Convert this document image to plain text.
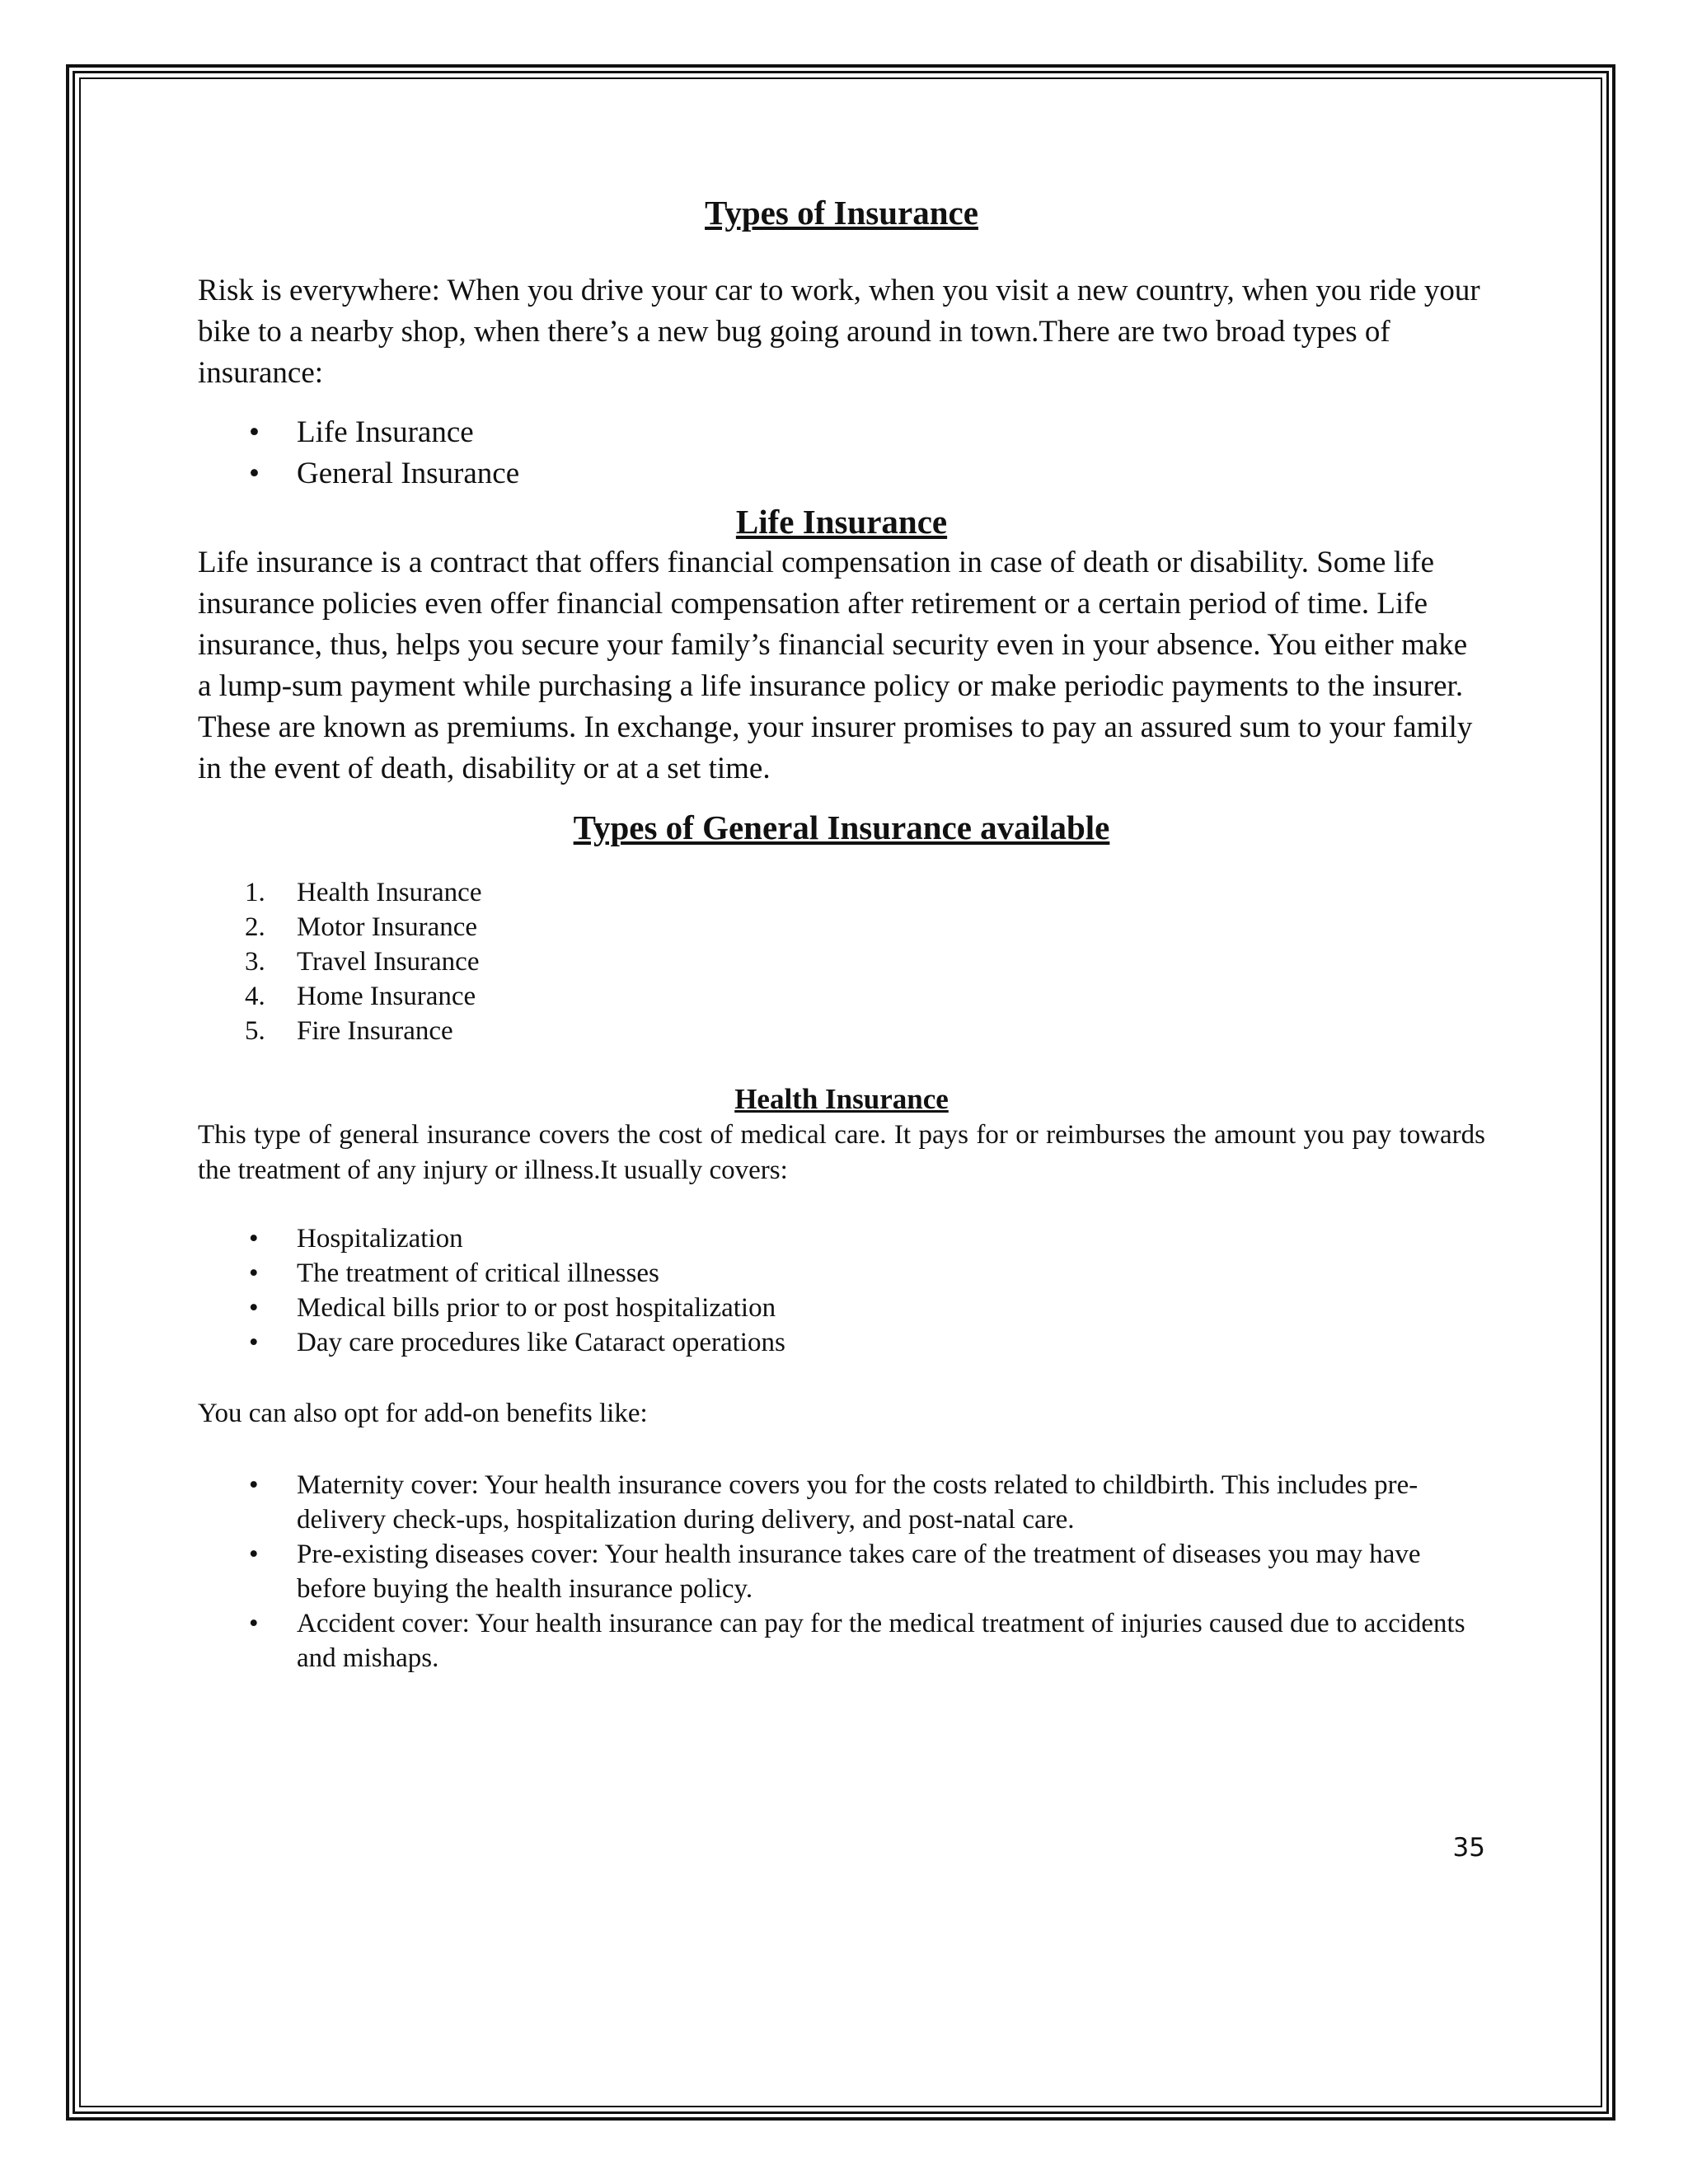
Types of Insurance

Risk is everywhere: When you drive your car to work, when you visit a new country, when you ride your bike to a nearby shop, when there’s a new bug going around in town.There are two broad types of insurance:

• Life Insurance
• General Insurance
Life Insurance

Life insurance is a contract that offers financial compensation in case of death or disability. Some life insurance policies even offer financial compensation after retirement or a certain period of time. Life insurance, thus, helps you secure your family’s financial security even in your absence. You either make a lump-sum payment while purchasing a life insurance policy or make periodic payments to the insurer. These are known as premiums. In exchange, your insurer promises to pay an assured sum to your family in the event of death, disability or at a set time.

Types of General Insurance available
1. Health Insurance
2. Motor Insurance
3. Travel Insurance
4. Home Insurance
5. Fire Insurance
Health Insurance

This type of general insurance covers the cost of medical care. It pays for or reimburses the amount you pay towards the treatment of any injury or illness.It usually covers:

• Hospitalization
• The treatment of critical illnesses
• Medical bills prior to or post hospitalization
• Day care procedures like Cataract operations

You can also opt for add-on benefits like:

• Maternity cover: Your health insurance covers you for the costs related to childbirth. This includes pre-delivery check-ups, hospitalization during delivery, and post-natal care.
• Pre-existing diseases cover: Your health insurance takes care of the treatment of diseases you may have before buying the health insurance policy.
• Accident cover: Your health insurance can pay for the medical treatment of injuries caused due to accidents and mishaps.
35
